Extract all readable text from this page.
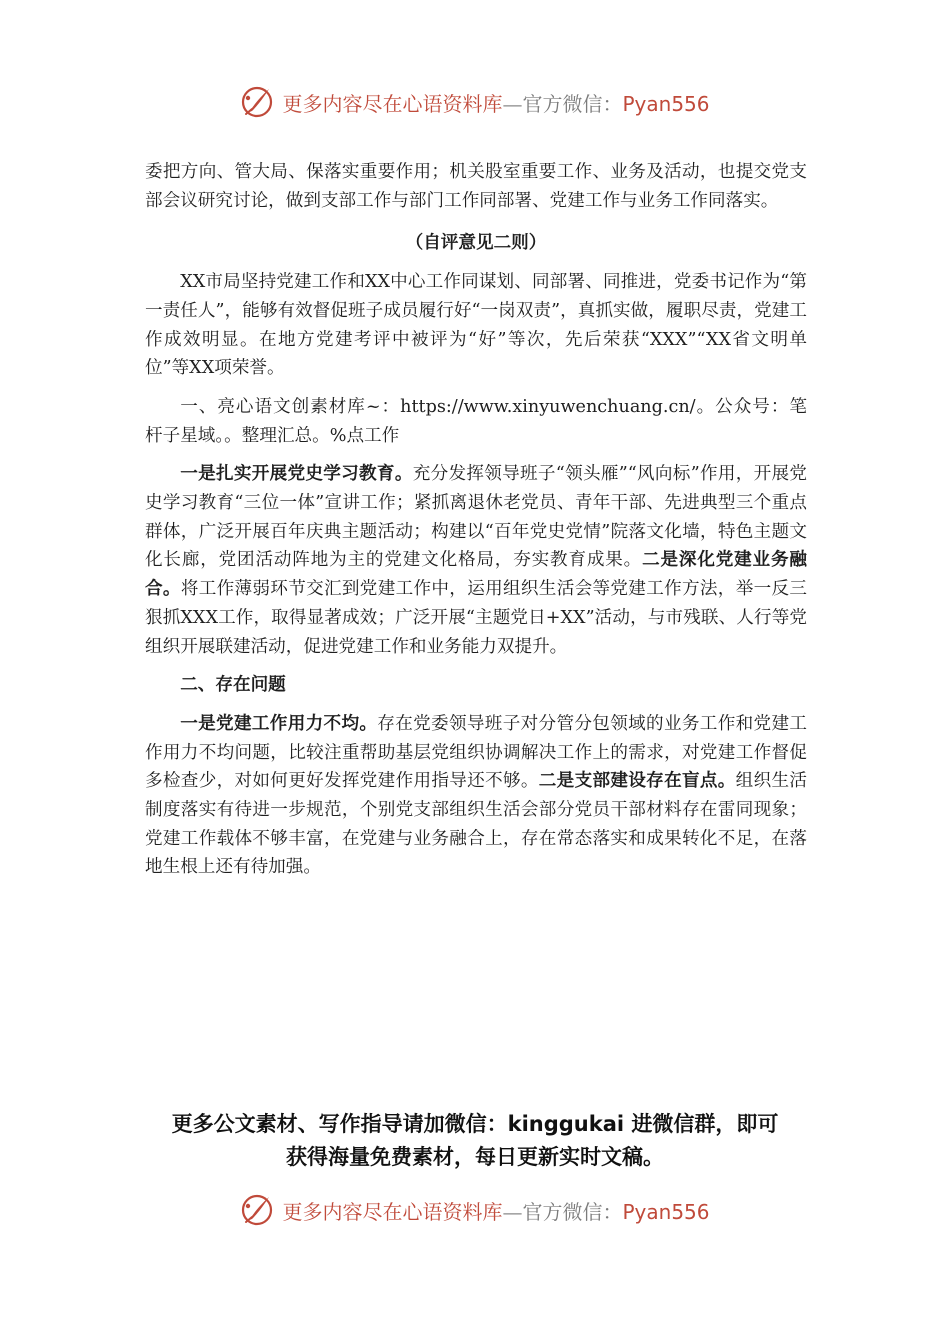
更多内容尽在心语资料库—官方微信：Pyan556

委把方向、管大局、保落实重要作用；机关股室重要工作、业务及活动，也提交党支部会议研究讨论，做到支部工作与部门工作同部署、党建工作与业务工作同落实。

（自评意见二则）

XX市局坚持党建工作和XX中心工作同谋划、同部署、同推进，党委书记作为“第一责任人”，能够有效督促班子成员履行好“一岗双责”，真抓实做，履职尽责，党建工作成效明显。在地方党建考评中被评为“好”等次，先后荣获“XXX”“XX省文明单位”等XX项荣誉。

一、亮心语文创素材库~：https://www.xinyuwenchuang.cn/。公众号：笔杆子星域。。整理汇总。%点工作

一是扎实开展党史学习教育。充分发挥领导班子“领头雁”“风向标”作用，开展党史学习教育“三位一体”宣讲工作；紧抓离退休老党员、青年干部、先进典型三个重点群体，广泛开展百年庆典主题活动；构建以“百年党史党情”院落文化墙，特色主题文化长廊，党团活动阵地为主的党建文化格局，夯实教育成果。二是深化党建业务融合。将工作薄弱环节交汇到党建工作中，运用组织生活会等党建工作方法，举一反三狠抓XXX工作，取得显著成效；广泛开展“主题党日+XX”活动，与市残联、人行等党组织开展联建活动，促进党建工作和业务能力双提升。

二、存在问题

一是党建工作用力不均。存在党委领导班子对分管分包领域的业务工作和党建工作用力不均问题，比较注重帮助基层党组织协调解决工作上的需求，对党建工作督促多检查少，对如何更好发挥党建作用指导还不够。二是支部建设存在盲点。组织生活制度落实有待进一步规范，个别党支部组织生活会部分党员干部材料存在雷同现象；党建工作载体不够丰富，在党建与业务融合上，存在常态落实和成果转化不足，在落地生根上还有待加强。

更多公文素材、写作指导请加微信：kinggukai 进微信群，即可
获得海量免费素材，每日更新实时文稿。
更多内容尽在心语资料库—官方微信：Pyan556
